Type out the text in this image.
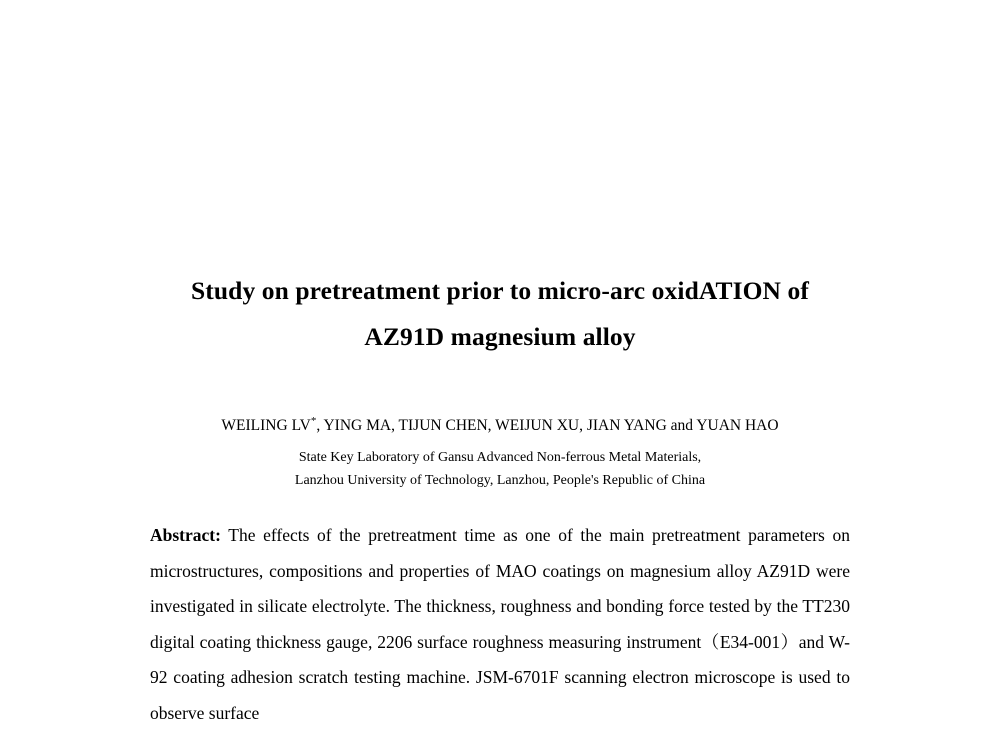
Study on pretreatment prior to micro-arc oxidATION of
AZ91D magnesium alloy
WEILING LV*, YING MA, TIJUN CHEN, WEIJUN XU, JIAN YANG and YUAN HAO
State Key Laboratory of Gansu Advanced Non-ferrous Metal Materials,
Lanzhou University of Technology, Lanzhou, People's Republic of China
Abstract: The effects of the pretreatment time as one of the main pretreatment parameters on microstructures, compositions and properties of MAO coatings on magnesium alloy AZ91D were investigated in silicate electrolyte. The thickness, roughness and bonding force tested by the TT230 digital coating thickness gauge, 2206 surface roughness measuring instrument（E34-001）and W-92 coating adhesion scratch testing machine. JSM-6701F scanning electron microscope is used to observe surface
